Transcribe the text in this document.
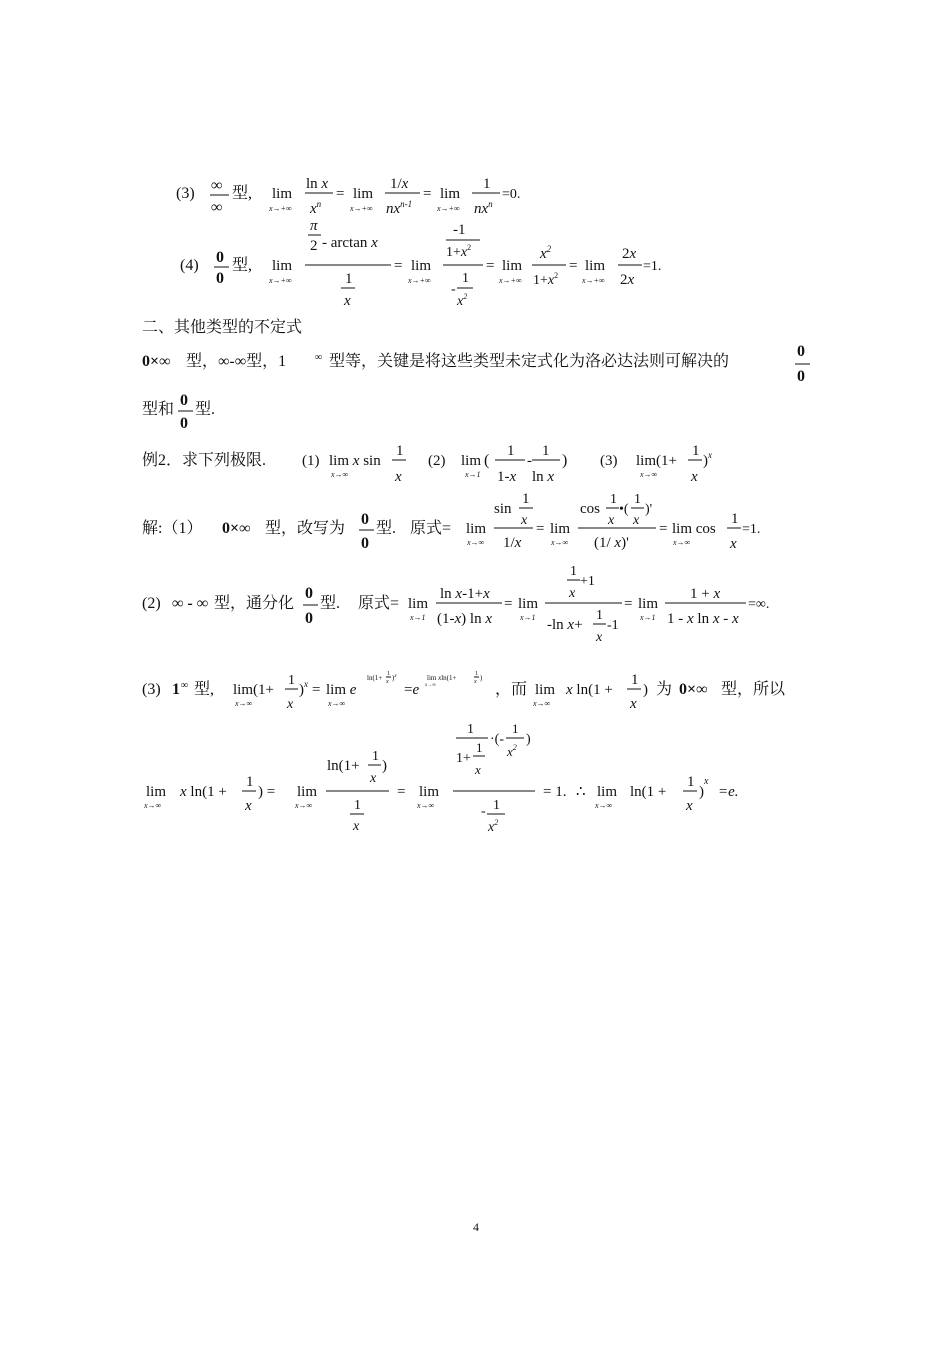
(3) ∞
∞
型, lim
x→+∞
ln x
$x^n$
= lim
x→+∞
1/x
$nx^n-1$
= lim
x→+∞
1
$nx^n$
=0.
(4) 0
0
型, lim
x→+∞
π
2 - arctan x
1
x
= lim
x→+∞
-1
$1+x^2$
1
-
$x^2$
= lim
x→+∞
$x^2$
$1+x^2$
= lim
x→+∞
2x
2x
=1.
二、其他类型的不定式
0×∞ 型，∞-∞型，1	∞ 型等，关键是将这些类型未定式化为洛必达法则可解决的
0
0
型和
0
0
型.
例2．求下列极限. (1) lim x sin
x→∞
1
x
(2) lim
x→1
(
1
1-x
-
1
ln x
) (3) lim(1+
x→∞
1
x
)$^x$
解:（1） 0×∞ 型，改写为
0
0
型. 原式= lim
x→∞
1
sin
x
1/x
= lim
x→∞
cos
1
x
•(
1
x
)'
(1/ x)'
= lim cos
x→∞
1
x
=1.
(2) ∞ - ∞ 型，通分化
0
0
型. 原式= lim
x→1
ln x-1+x
(1-x) ln x
= lim
x→1
1
x
+1
-ln x+
1
x
-1
= lim
x→1
1 + x
1 - x ln x - x
=∞.
(3) 1 ∞ 型, lim(1+
x→∞
1
x
)$^x$ = lim e
x→∞
ln(1+ 1
x )$^x$
=e
lim xln(1+
x→∞
1
x )
，而 lim
x→∞
x ln(1 +
1
x
) 为 0×∞ 型，所以
lim
x→∞
x ln(1 +
1
x
) = lim
x→∞
ln(1+
1
x
)
1
x
= lim
x→∞
1
1+
1
x
·(-
1
$x^2$
)
1
-
$x^2$
= 1. ∴ lim
x→∞
ln(1 +
1
x
)$^x$
=e.
4
